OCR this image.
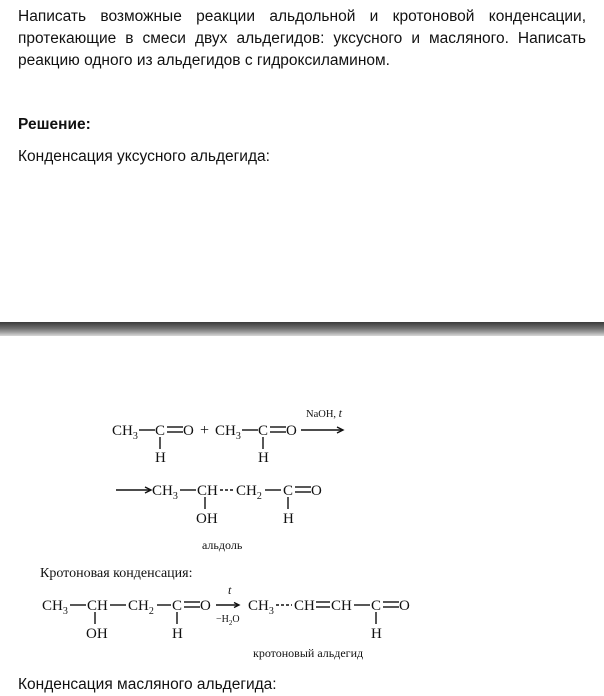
Написать возможные реакции альдольной и кротоновой конденсации, протекающие в смеси двух альдегидов: уксусного и масляного. Написать реакцию одного из альдегидов с гидроксиламином.

Решение:

Конденсация уксусного альдегида:

$CH_3$ C O
H
+ $CH_3$ C O
H
NaOH, t
$CH_3$ CH $CH_2$ C O
OH	H
альдоль
Кротоновая конденсация:
$CH_3$ CH $CH_2$ C O
OH	H
t
$-H_2O$
$CH_3$ CH CH C O
H
кротоновый альдегид

Конденсация масляного альдегида:
